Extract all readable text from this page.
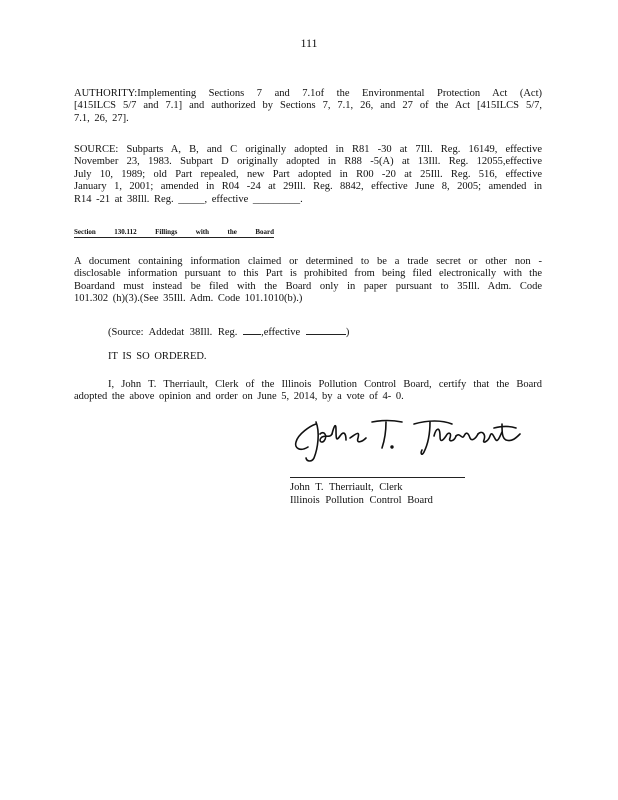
111
AUTHORITY:Implementing Sections 7 and 7.1of the Environmental Protection Act (Act)
[415ILCS 5/7 and 7.1] and authorized by Sections 7, 7.1, 26, and 27 of the Act [415ILCS 5/7,
7.1, 26, 27].
SOURCE: Subparts A, B, and C originally adopted in R81 -30 at 7Ill. Reg. 16149, effective
November 23, 1983. Subpart D originally adopted in R88 -5(A) at 13Ill. Reg. 12055,effective
July 10, 1989; old Part repealed, new Part adopted in R00 -20 at 25Ill. Reg. 516, effective
January 1, 2001; amended in R04 -24 at 29Ill. Reg. 8842, effective June 8, 2005; amended in
R14 -21 at 38Ill. Reg. _____, effective _________.
Section 130.112 Fillings with the Board
A document containing information claimed or determined to be a trade secret or other non -
disclosable information pursuant to this Part is prohibited from being filed electronically with the
Boardand must instead be filed with the Board only in paper pursuant to 35Ill. Adm. Code
101.302 (h)(3).(See 35Ill. Adm. Code 101.1010(b).)
(Source: Addedat 38Ill. Reg. ,effective	)
IT IS SO ORDERED.
I, John T. Therriault, Clerk of the Illinois Pollution Control Board, certify that the Board
adopted the above opinion and order on June 5, 2014, by a vote of 4- 0.
John T. Therriault, Clerk
Illinois Pollution Control Board
